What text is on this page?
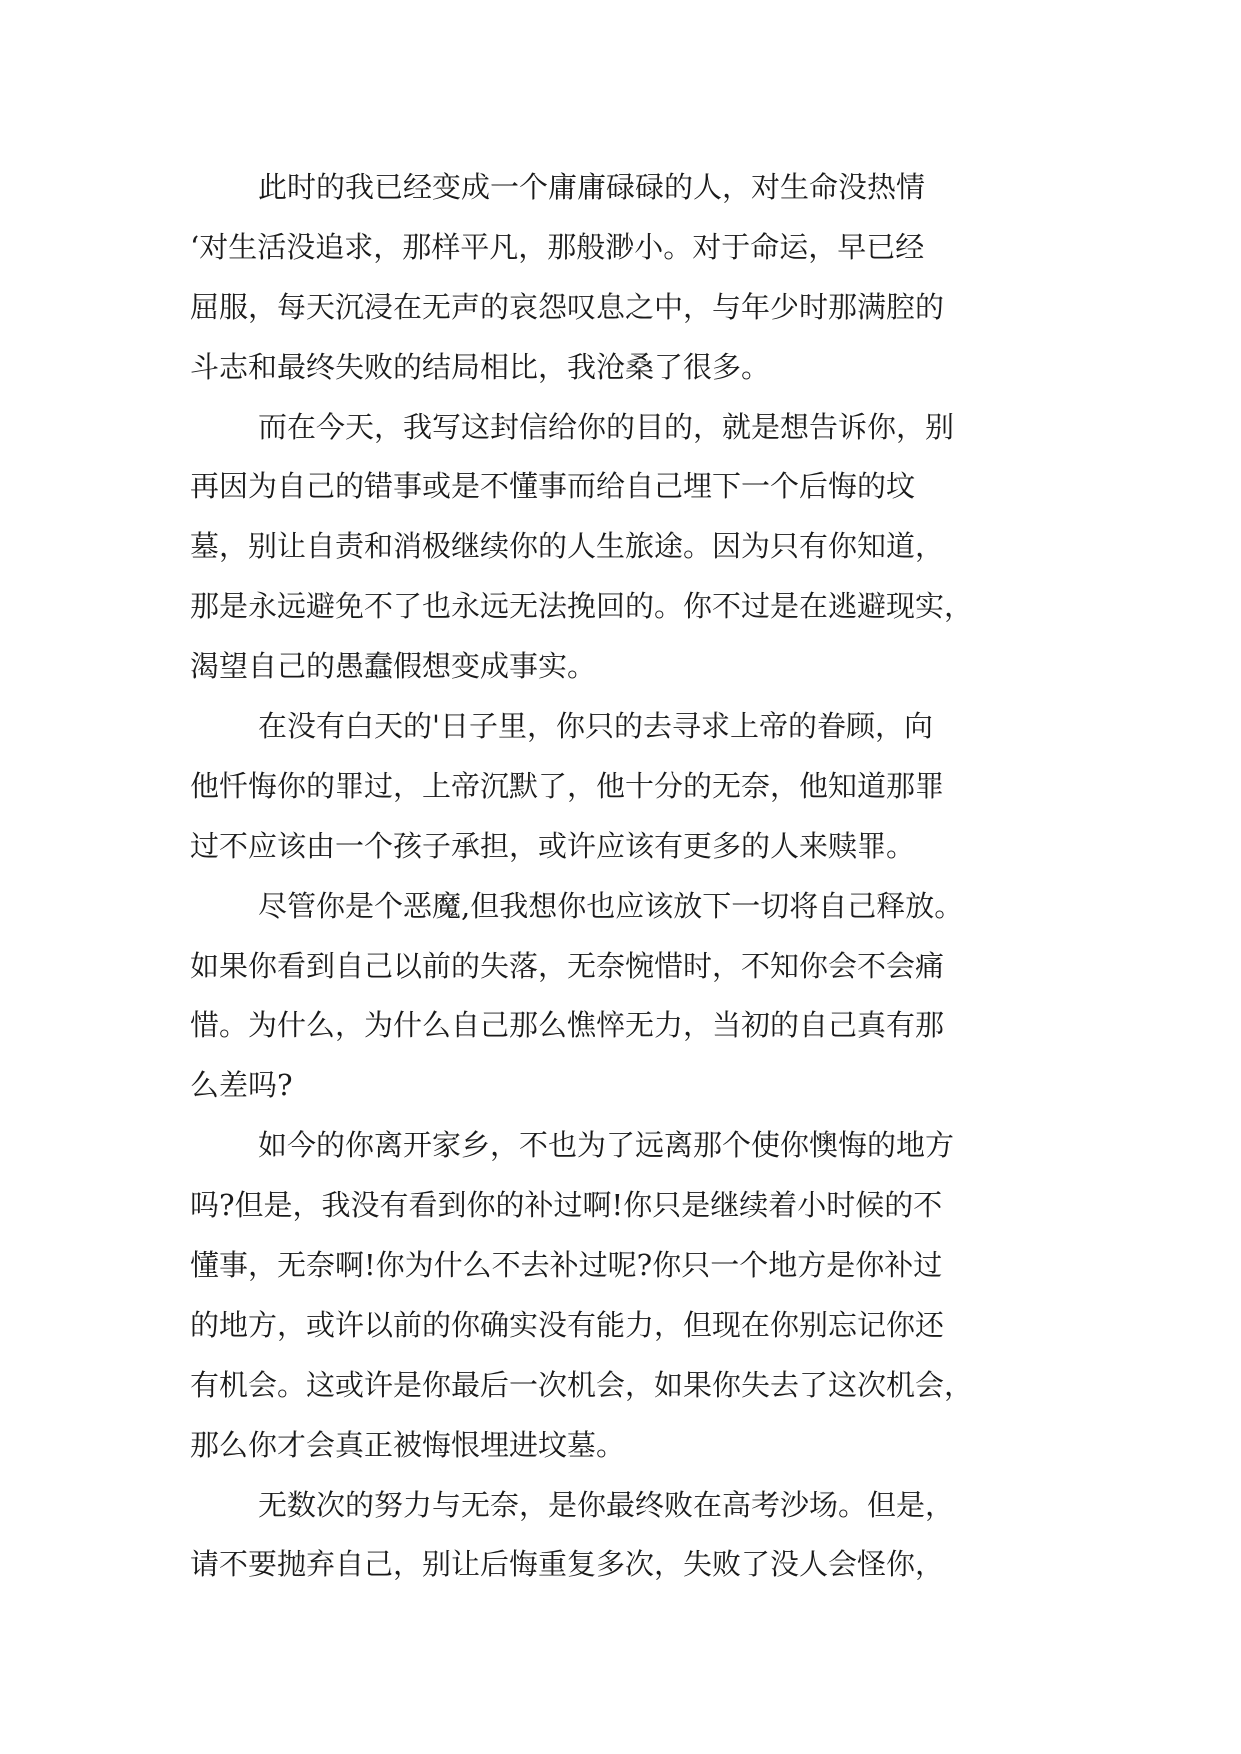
此时的我已经变成一个庸庸碌碌的人，对生命没热情
‘对生活没追求，那样平凡，那般渺小。对于命运，早已经
屈服，每天沉浸在无声的哀怨叹息之中，与年少时那满腔的
斗志和最终失败的结局相比，我沧桑了很多。
而在今天，我写这封信给你的目的，就是想告诉你，别
再因为自己的错事或是不懂事而给自己埋下一个后悔的坟
墓，别让自责和消极继续你的人生旅途。因为只有你知道，
那是永远避免不了也永远无法挽回的。你不过是在逃避现实，
渴望自己的愚蠢假想变成事实。
在没有白天的'日子里，你只的去寻求上帝的眷顾，向
他忏悔你的罪过，上帝沉默了，他十分的无奈，他知道那罪
过不应该由一个孩子承担，或许应该有更多的人来赎罪。
尽管你是个恶魔,但我想你也应该放下一切将自己释放。
如果你看到自己以前的失落，无奈惋惜时，不知你会不会痛
惜。为什么，为什么自己那么憔悴无力，当初的自己真有那
么差吗?
如今的你离开家乡，不也为了远离那个使你懊悔的地方
吗?但是，我没有看到你的补过啊!你只是继续着小时候的不
懂事，无奈啊!你为什么不去补过呢?你只一个地方是你补过
的地方，或许以前的你确实没有能力，但现在你别忘记你还
有机会。这或许是你最后一次机会，如果你失去了这次机会，
那么你才会真正被悔恨埋进坟墓。
无数次的努力与无奈，是你最终败在高考沙场。但是，
请不要抛弃自己，别让后悔重复多次，失败了没人会怪你，
